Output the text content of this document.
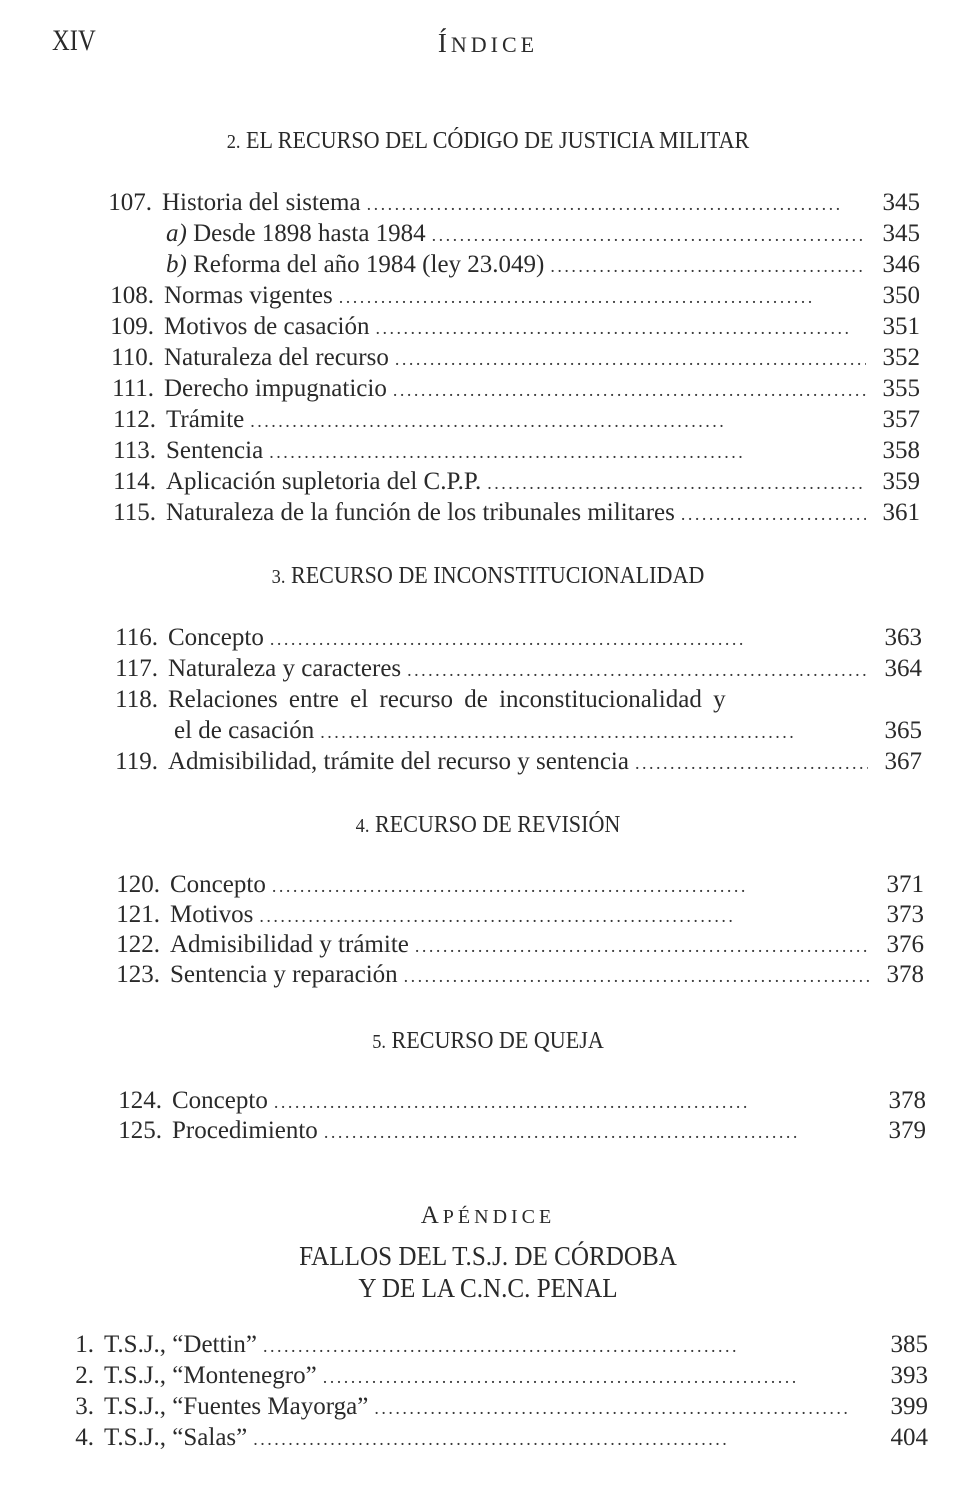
XIV	ÍNDICE
2. EL RECURSO DEL CÓDIGO DE JUSTICIA MILITAR
107. Historia del sistema . . .	345
a) Desde 1898 hasta 1984 . . .	345
b) Reforma del año 1984 (ley 23.049) . . .	346
108. Normas vigentes . . .	350
109. Motivos de casación . . .	351
110. Naturaleza del recurso . . .	352
111. Derecho impugnaticio . . .	355
112. Trámite . . .	357
113. Sentencia . . .	358
114. Aplicación supletoria del C.P.P. . . .	359
115. Naturaleza de la función de los tribunales militares . . .	361
3. RECURSO DE INCONSTITUCIONALIDAD
116. Concepto . . .	363
117. Naturaleza y caracteres . . .	364
118. Relaciones entre el recurso de inconstitucionalidad y
el de casación . . .	365
119. Admisibilidad, trámite del recurso y sentencia . . .	367
4. RECURSO DE REVISIÓN
120. Concepto . . .	371
121. Motivos . . .	373
122. Admisibilidad y trámite . . .	376
123. Sentencia y reparación . . .	378
5. RECURSO DE QUEJA
124. Concepto . . .	378
125. Procedimiento . . .	379
APÉNDICE
FALLOS DEL T.S.J. DE CÓRDOBA
Y DE LA C.N.C. PENAL
1. T.S.J., “Dettin” . . .	385
2. T.S.J., “Montenegro” . . .	393
3. T.S.J., “Fuentes Mayorga” . . .	399
4. T.S.J., “Salas” . . .	404
